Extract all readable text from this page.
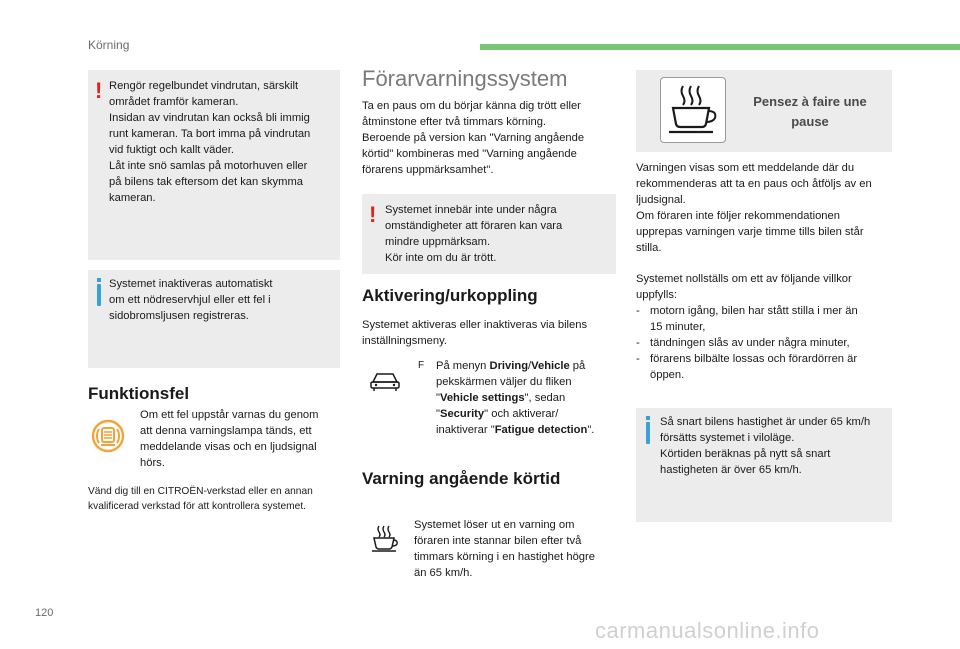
Körning
120
carmanualsonline.info
! Rengör regelbundet vindrutan, särskilt
området framför kameran.
Insidan av vindrutan kan också bli immig
runt kameran. Ta bort imma på vindrutan
vid fuktigt och kallt väder.
Låt inte snö samlas på motorhuven eller
på bilens tak eftersom det kan skymma
kameran.
Systemet inaktiveras automatiskt
om ett nödreservhjul eller ett fel i
sidobromsljusen registreras.
Funktionsfel
Om ett fel uppstår varnas du genom
att denna varningslampa tänds, ett
meddelande visas och en ljudsignal
hörs.
Vänd dig till en CITROËN-verkstad eller en annan
kvalificerad verkstad för att kontrollera systemet.
Förarvarningssystem
Ta en paus om du börjar känna dig trött eller
åtminstone efter två timmars körning.
Beroende på version kan "Varning angående
körtid" kombineras med "Varning angående
förarens uppmärksamhet".
! Systemet innebär inte under några
omständigheter att föraren kan vara
mindre uppmärksam.
Kör inte om du är trött.
Aktivering/urkoppling
Systemet aktiveras eller inaktiveras via bilens
inställningsmeny.
F	På menyn Driving/Vehicle på
pekskärmen väljer du fliken
"Vehicle settings", sedan
"Security" och aktiverar/
inaktiverar "Fatigue detection".
Varning angående körtid
Systemet löser ut en varning om
föraren inte stannar bilen efter två
timmars körning i en hastighet högre
än 65 km/h.
Pensez à faire une
pause
Varningen visas som ett meddelande där du
rekommenderas att ta en paus och åtföljs av en
ljudsignal.
Om föraren inte följer rekommendationen
upprepas varningen varje timme tills bilen står
stilla.
Systemet nollställs om ett av följande villkor
uppfylls:
- motorn igång, bilen har stått stilla i mer än
15 minuter,
- tändningen slås av under några minuter,
- förarens bilbälte lossas och förardörren är
öppen.
Så snart bilens hastighet är under 65 km/h
försätts systemet i viloläge.
Körtiden beräknas på nytt så snart
hastigheten är över 65 km/h.
